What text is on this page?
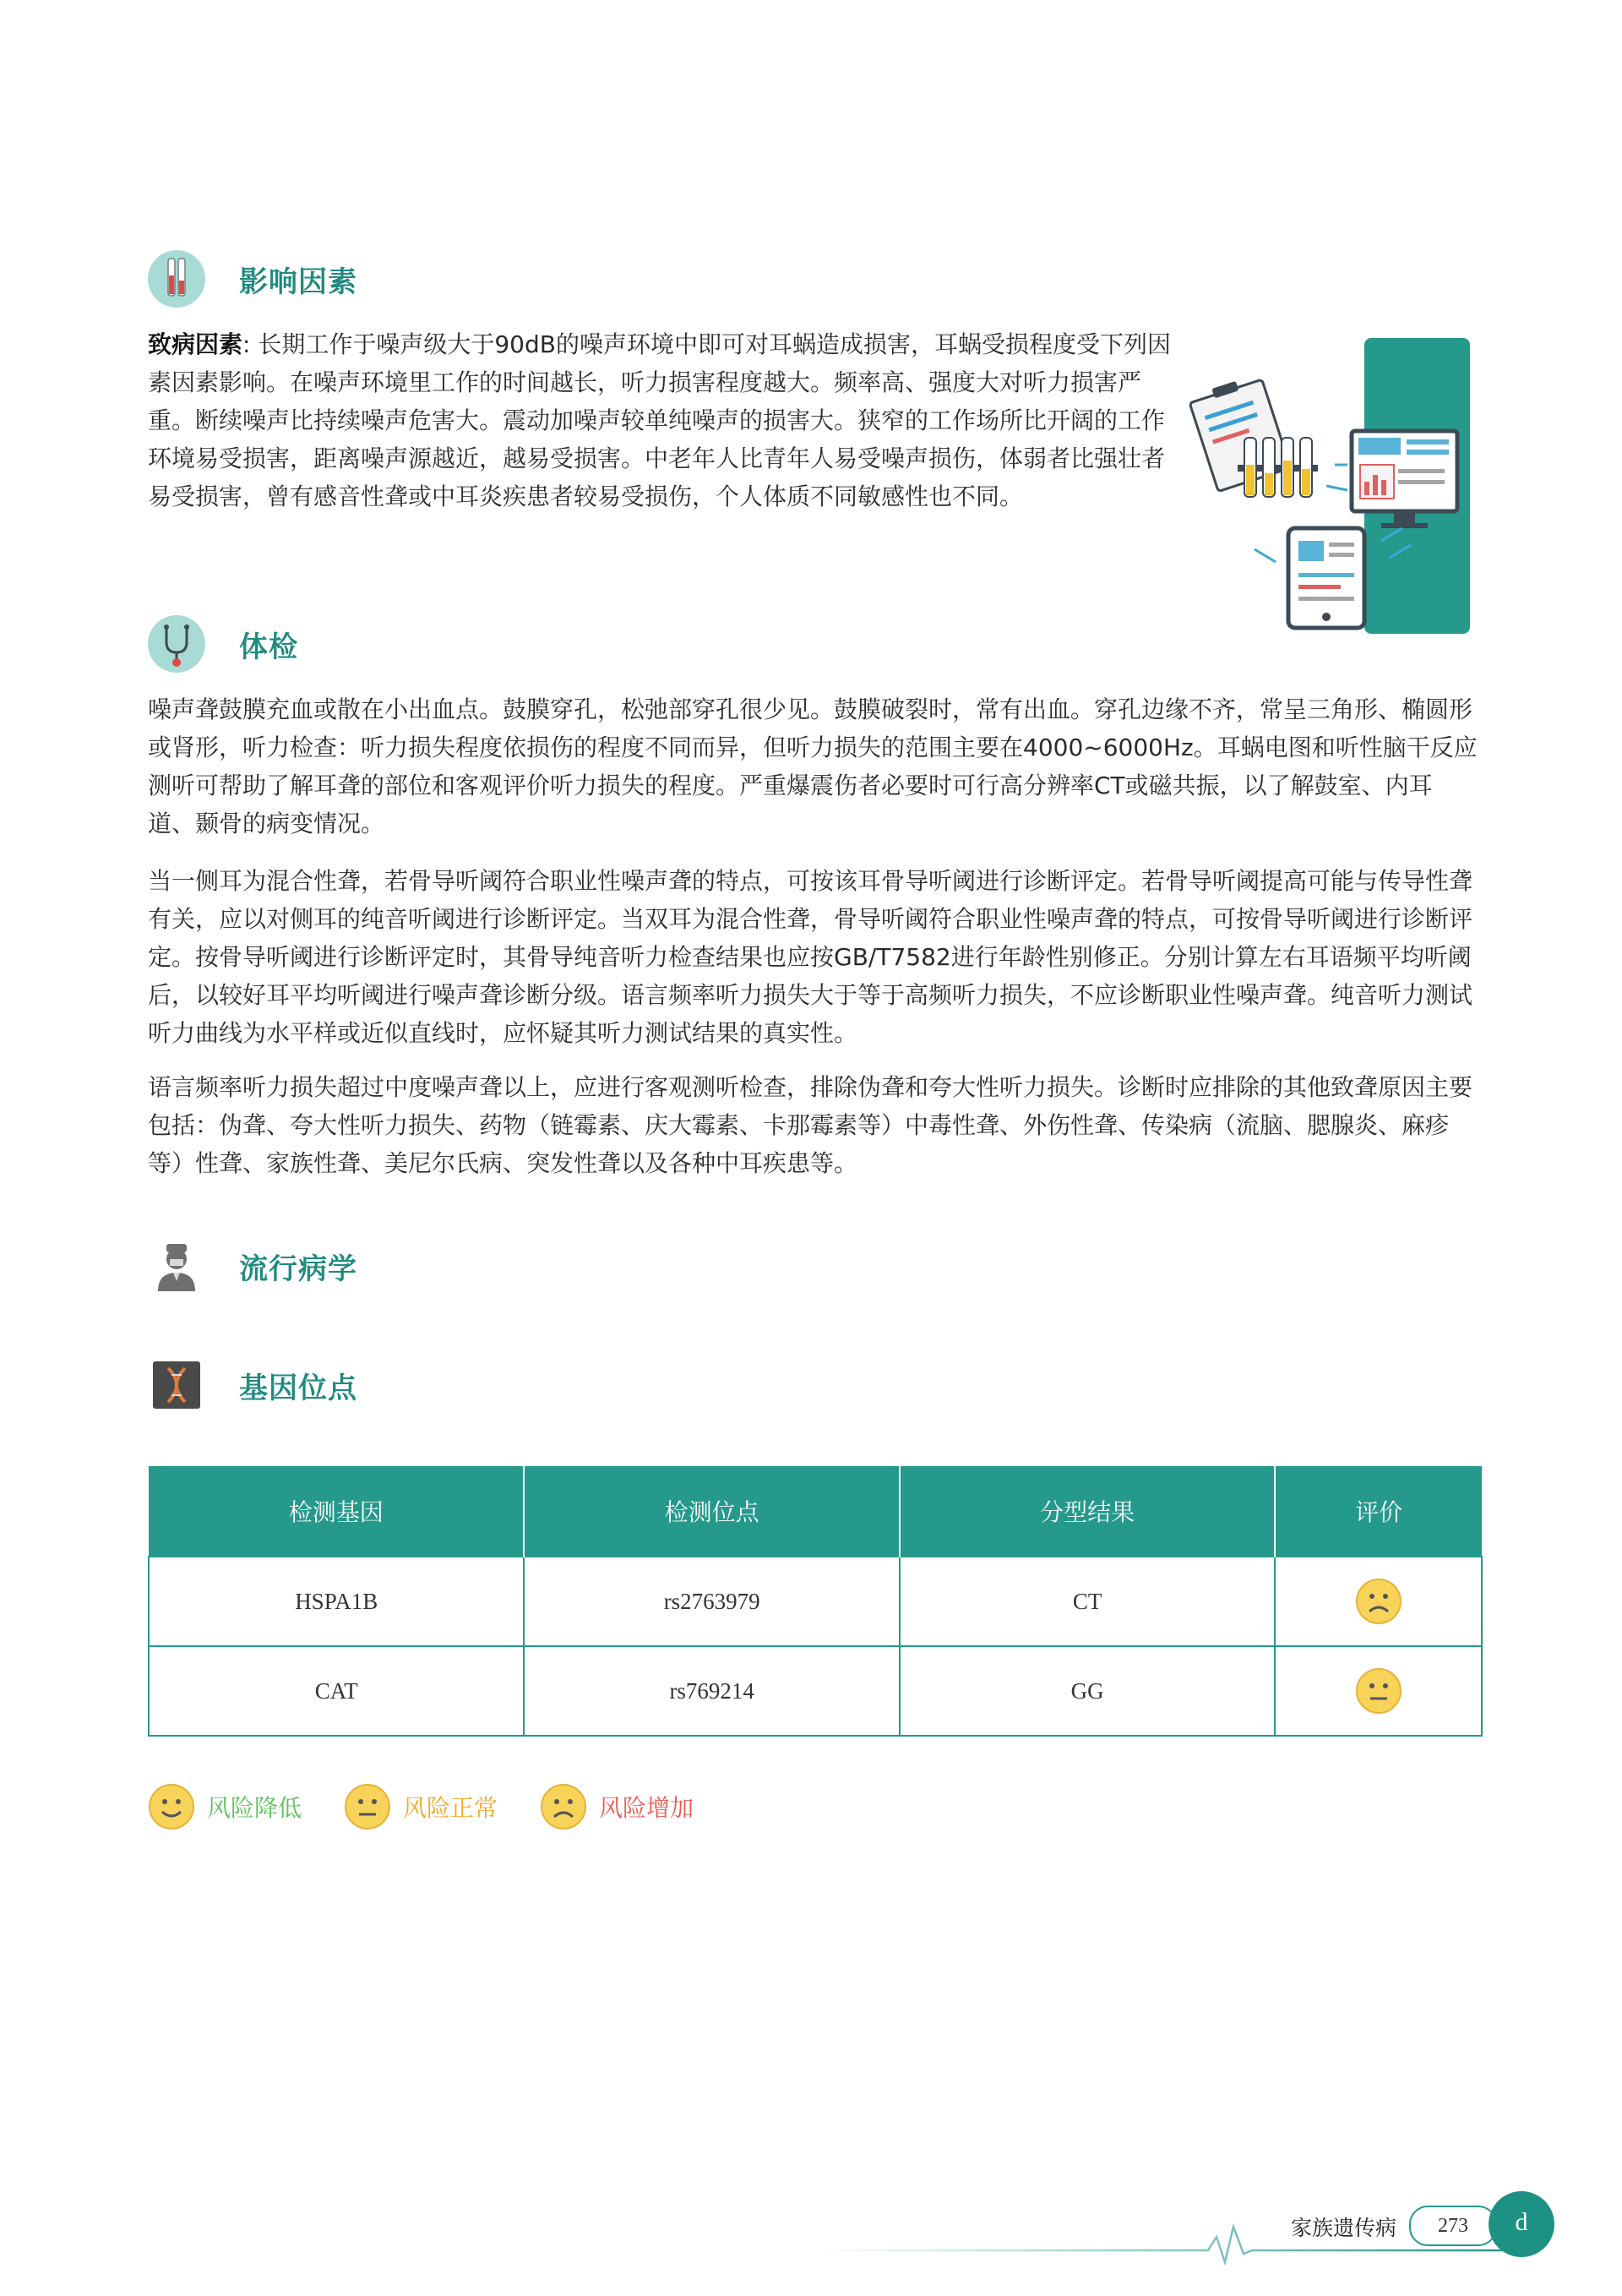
影响因素

致病因素: 长期工作于噪声级大于90dB的噪声环境中即可对耳蜗造成损害，耳蜗受损程度受下列因素因素影响。在噪声环境里工作的时间越长，听力损害程度越大。频率高、强度大对听力损害严重。断续噪声比持续噪声危害大。震动加噪声较单纯噪声的损害大。狭窄的工作场所比开阔的工作环境易受损害，距离噪声源越近，越易受损害。中老年人比青年人易受噪声损伤，体弱者比强壮者易受损害，曾有感音性聋或中耳炎疾患者较易受损伤，个人体质不同敏感性也不同。

体检

噪声聋鼓膜充血或散在小出血点。鼓膜穿孔，松弛部穿孔很少见。鼓膜破裂时，常有出血。穿孔边缘不齐，常呈三角形、椭圆形或肾形，听力检查：听力损失程度依损伤的程度不同而异，但听力损失的范围主要在4000~6000Hz。耳蜗电图和听性脑干反应测听可帮助了解耳聋的部位和客观评价听力损失的程度。严重爆震伤者必要时可行高分辨率CT或磁共振，以了解鼓室、内耳道、颞骨的病变情况。

当一侧耳为混合性聋，若骨导听阈符合职业性噪声聋的特点，可按该耳骨导听阈进行诊断评定。若骨导听阈提高可能与传导性聋有关，应以对侧耳的纯音听阈进行诊断评定。当双耳为混合性聋，骨导听阈符合职业性噪声聋的特点，可按骨导听阈进行诊断评定。按骨导听阈进行诊断评定时，其骨导纯音听力检查结果也应按GB/T7582进行年龄性别修正。分别计算左右耳语频平均听阈后，以较好耳平均听阈进行噪声聋诊断分级。语言频率听力损失大于等于高频听力损失，不应诊断职业性噪声聋。纯音听力测试听力曲线为水平样或近似直线时，应怀疑其听力测试结果的真实性。

语言频率听力损失超过中度噪声聋以上，应进行客观测听检查，排除伪聋和夸大性听力损失。诊断时应排除的其他致聋原因主要包括：伪聋、夸大性听力损失、药物（链霉素、庆大霉素、卡那霉素等）中毒性聋、外伤性聋、传染病（流脑、腮腺炎、麻疹等）性聋、家族性聋、美尼尔氏病、突发性聋以及各种中耳疾患等。

流行病学
基因位点
检测基因	检测位点	分型结果	评价
HSPA1B	rs2763979	CT	
CAT	rs769214	GG	
风险降低	风险正常	风险增加
家族遗传病	273	d
